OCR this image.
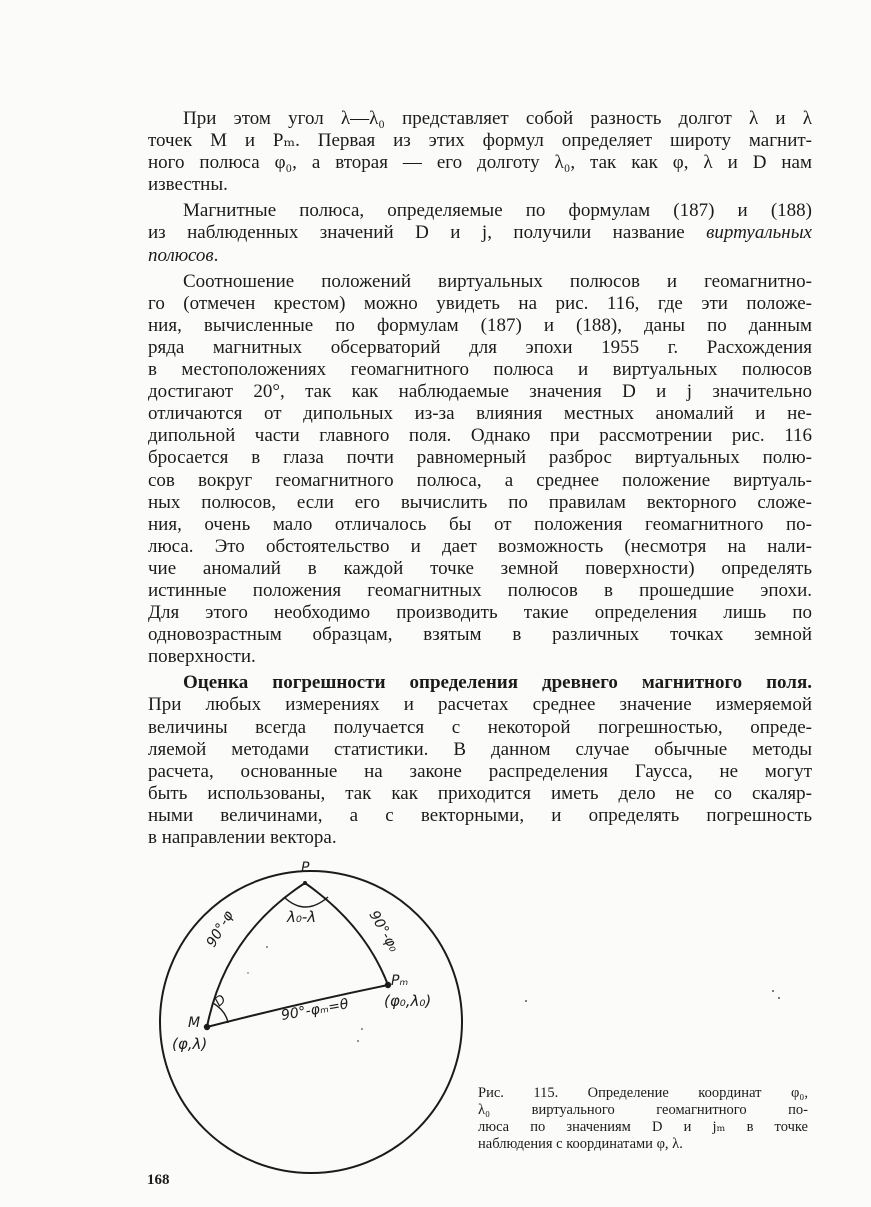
При этом угол λ—λ₀ представляет собой разность долгот λ и λ
точек M и Pₘ. Первая из этих формул определяет широту магнит-
ного полюса φ₀, а вторая — его долготу λ₀, так как φ, λ и D нам
известны.
Магнитные полюса, определяемые по формулам (187) и (188)
из наблюденных значений D и j, получили название виртуальных
полюсов.
Соотношение положений виртуальных полюсов и геомагнитно-
го (отмечен крестом) можно увидеть на рис. 116, где эти положе-
ния, вычисленные по формулам (187) и (188), даны по данным
ряда магнитных обсерваторий для эпохи 1955 г. Расхождения
в местоположениях геомагнитного полюса и виртуальных полюсов
достигают 20°, так как наблюдаемые значения D и j значительно
отличаются от дипольных из-за влияния местных аномалий и не-
дипольной части главного поля. Однако при рассмотрении рис. 116
бросается в глаза почти равномерный разброс виртуальных полю-
сов вокруг геомагнитного полюса, а среднее положение виртуаль-
ных полюсов, если его вычислить по правилам векторного сложе-
ния, очень мало отличалось бы от положения геомагнитного по-
люса. Это обстоятельство и дает возможность (несмотря на нали-
чие аномалий в каждой точке земной поверхности) определять
истинные положения геомагнитных полюсов в прошедшие эпохи.
Для этого необходимо производить такие определения лишь по
одновозрастным образцам, взятым в различных точках земной
поверхности.
Оценка погрешности определения древнего магнитного поля.
При любых измерениях и расчетах среднее значение измеряемой
величины всегда получается с некоторой погрешностью, опреде-
ляемой методами статистики. В данном случае обычные методы
расчета, основанные на законе распределения Гаусса, не могут
быть использованы, так как приходится иметь дело не со скаляр-
ными величинами, а с векторными, и определять погрешность
в направлении вектора.
P
λ₀-λ
90°-φ	90°-φ₀
D	90°-φₘ=θ
M
(φ,λ)
Pₘ
(φ₀,λ₀)
Рис. 115. Определение координат φ₀,
λ₀ виртуального геомагнитного по-
люса по значениям D и jₘ в точке
наблюдения с координатами φ, λ.
168
